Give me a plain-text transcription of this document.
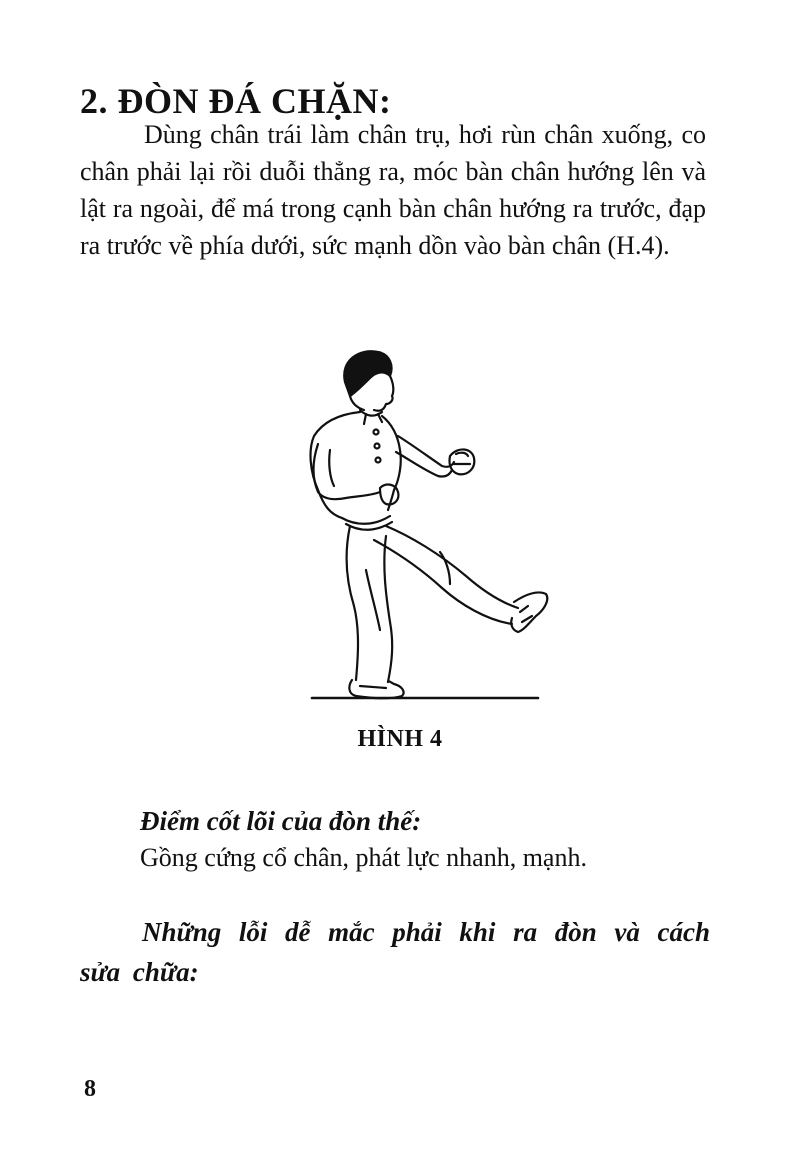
2. ĐÒN ĐÁ CHẶN:

Dùng chân trái làm chân trụ, hơi rùn chân xuống, co chân phải lại rồi duỗi thẳng ra, móc bàn chân hướng lên và lật ra ngoài, để má trong cạnh bàn chân hướng ra trước, đạp ra trước về phía dưới, sức mạnh dồn vào bàn chân (H.4).

HÌNH 4
Điểm cốt lõi của đòn thế:
Gồng cứng cổ chân, phát lực nhanh, mạnh.
Những lỗi dễ mắc phải khi ra đòn và cách sửa chữa:
8
